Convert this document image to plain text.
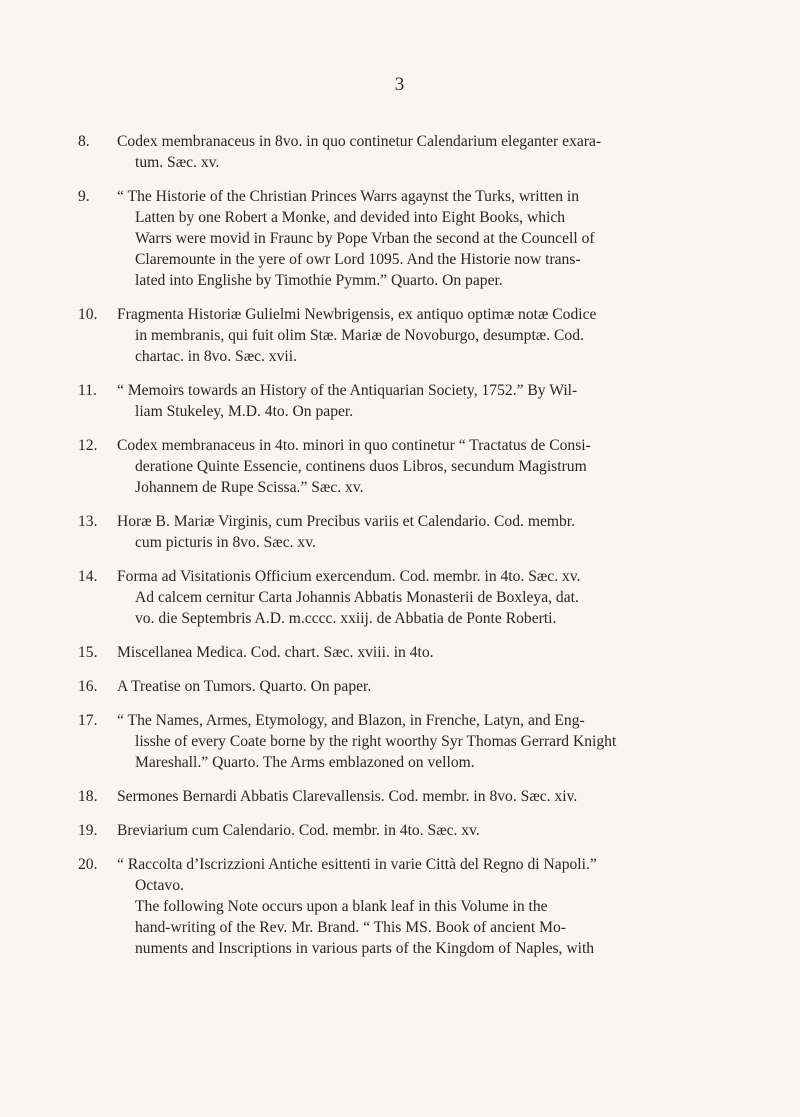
3
8.	Codex membranaceus in 8vo. in quo continetur Calendarium eleganter exara-
tum. Sæc. xv.
9.	“ The Historie of the Christian Princes Warrs agaynst the Turks, written in
Latten by one Robert a Monke, and devided into Eight Books, which
Warrs were movid in Fraunc by Pope Vrban the second at the Councell of
Claremounte in the yere of owr Lord 1095. And the Historie now trans-
lated into Englishe by Timothie Pymm.” Quarto. On paper.
10.	Fragmenta Historiæ Gulielmi Newbrigensis, ex antiquo optimæ notæ Codice
in membranis, qui fuit olim Stæ. Mariæ de Novoburgo, desumptæ. Cod.
chartac. in 8vo. Sæc. xvii.
11.	“ Memoirs towards an History of the Antiquarian Society, 1752.” By Wil-
liam Stukeley, M.D. 4to. On paper.
12.	Codex membranaceus in 4to. minori in quo continetur “ Tractatus de Consi-
deratione Quinte Essencie, continens duos Libros, secundum Magistrum
Johannem de Rupe Scissa.” Sæc. xv.
13.	Horæ B. Mariæ Virginis, cum Precibus variis et Calendario. Cod. membr.
cum picturis in 8vo. Sæc. xv.
14.	Forma ad Visitationis Officium exercendum. Cod. membr. in 4to. Sæc. xv.
Ad calcem cernitur Carta Johannis Abbatis Monasterii de Boxleya, dat.
vo. die Septembris A.D. m.cccc. xxiij. de Abbatia de Ponte Roberti.
15.	Miscellanea Medica. Cod. chart. Sæc. xviii. in 4to.
16.	A Treatise on Tumors. Quarto. On paper.
17.	“ The Names, Armes, Etymology, and Blazon, in Frenche, Latyn, and Eng-
lisshe of every Coate borne by the right woorthy Syr Thomas Gerrard Knight
Mareshall.” Quarto. The Arms emblazoned on vellom.
18.	Sermones Bernardi Abbatis Clarevallensis. Cod. membr. in 8vo. Sæc. xiv.
19.	Breviarium cum Calendario. Cod. membr. in 4to. Sæc. xv.
20.	“ Raccolta d’Iscrizzioni Antiche esittenti in varie Città del Regno di Napoli.”
Octavo.
The following Note occurs upon a blank leaf in this Volume in the
hand-writing of the Rev. Mr. Brand. “ This MS. Book of ancient Mo-
numents and Inscriptions in various parts of the Kingdom of Naples, with
